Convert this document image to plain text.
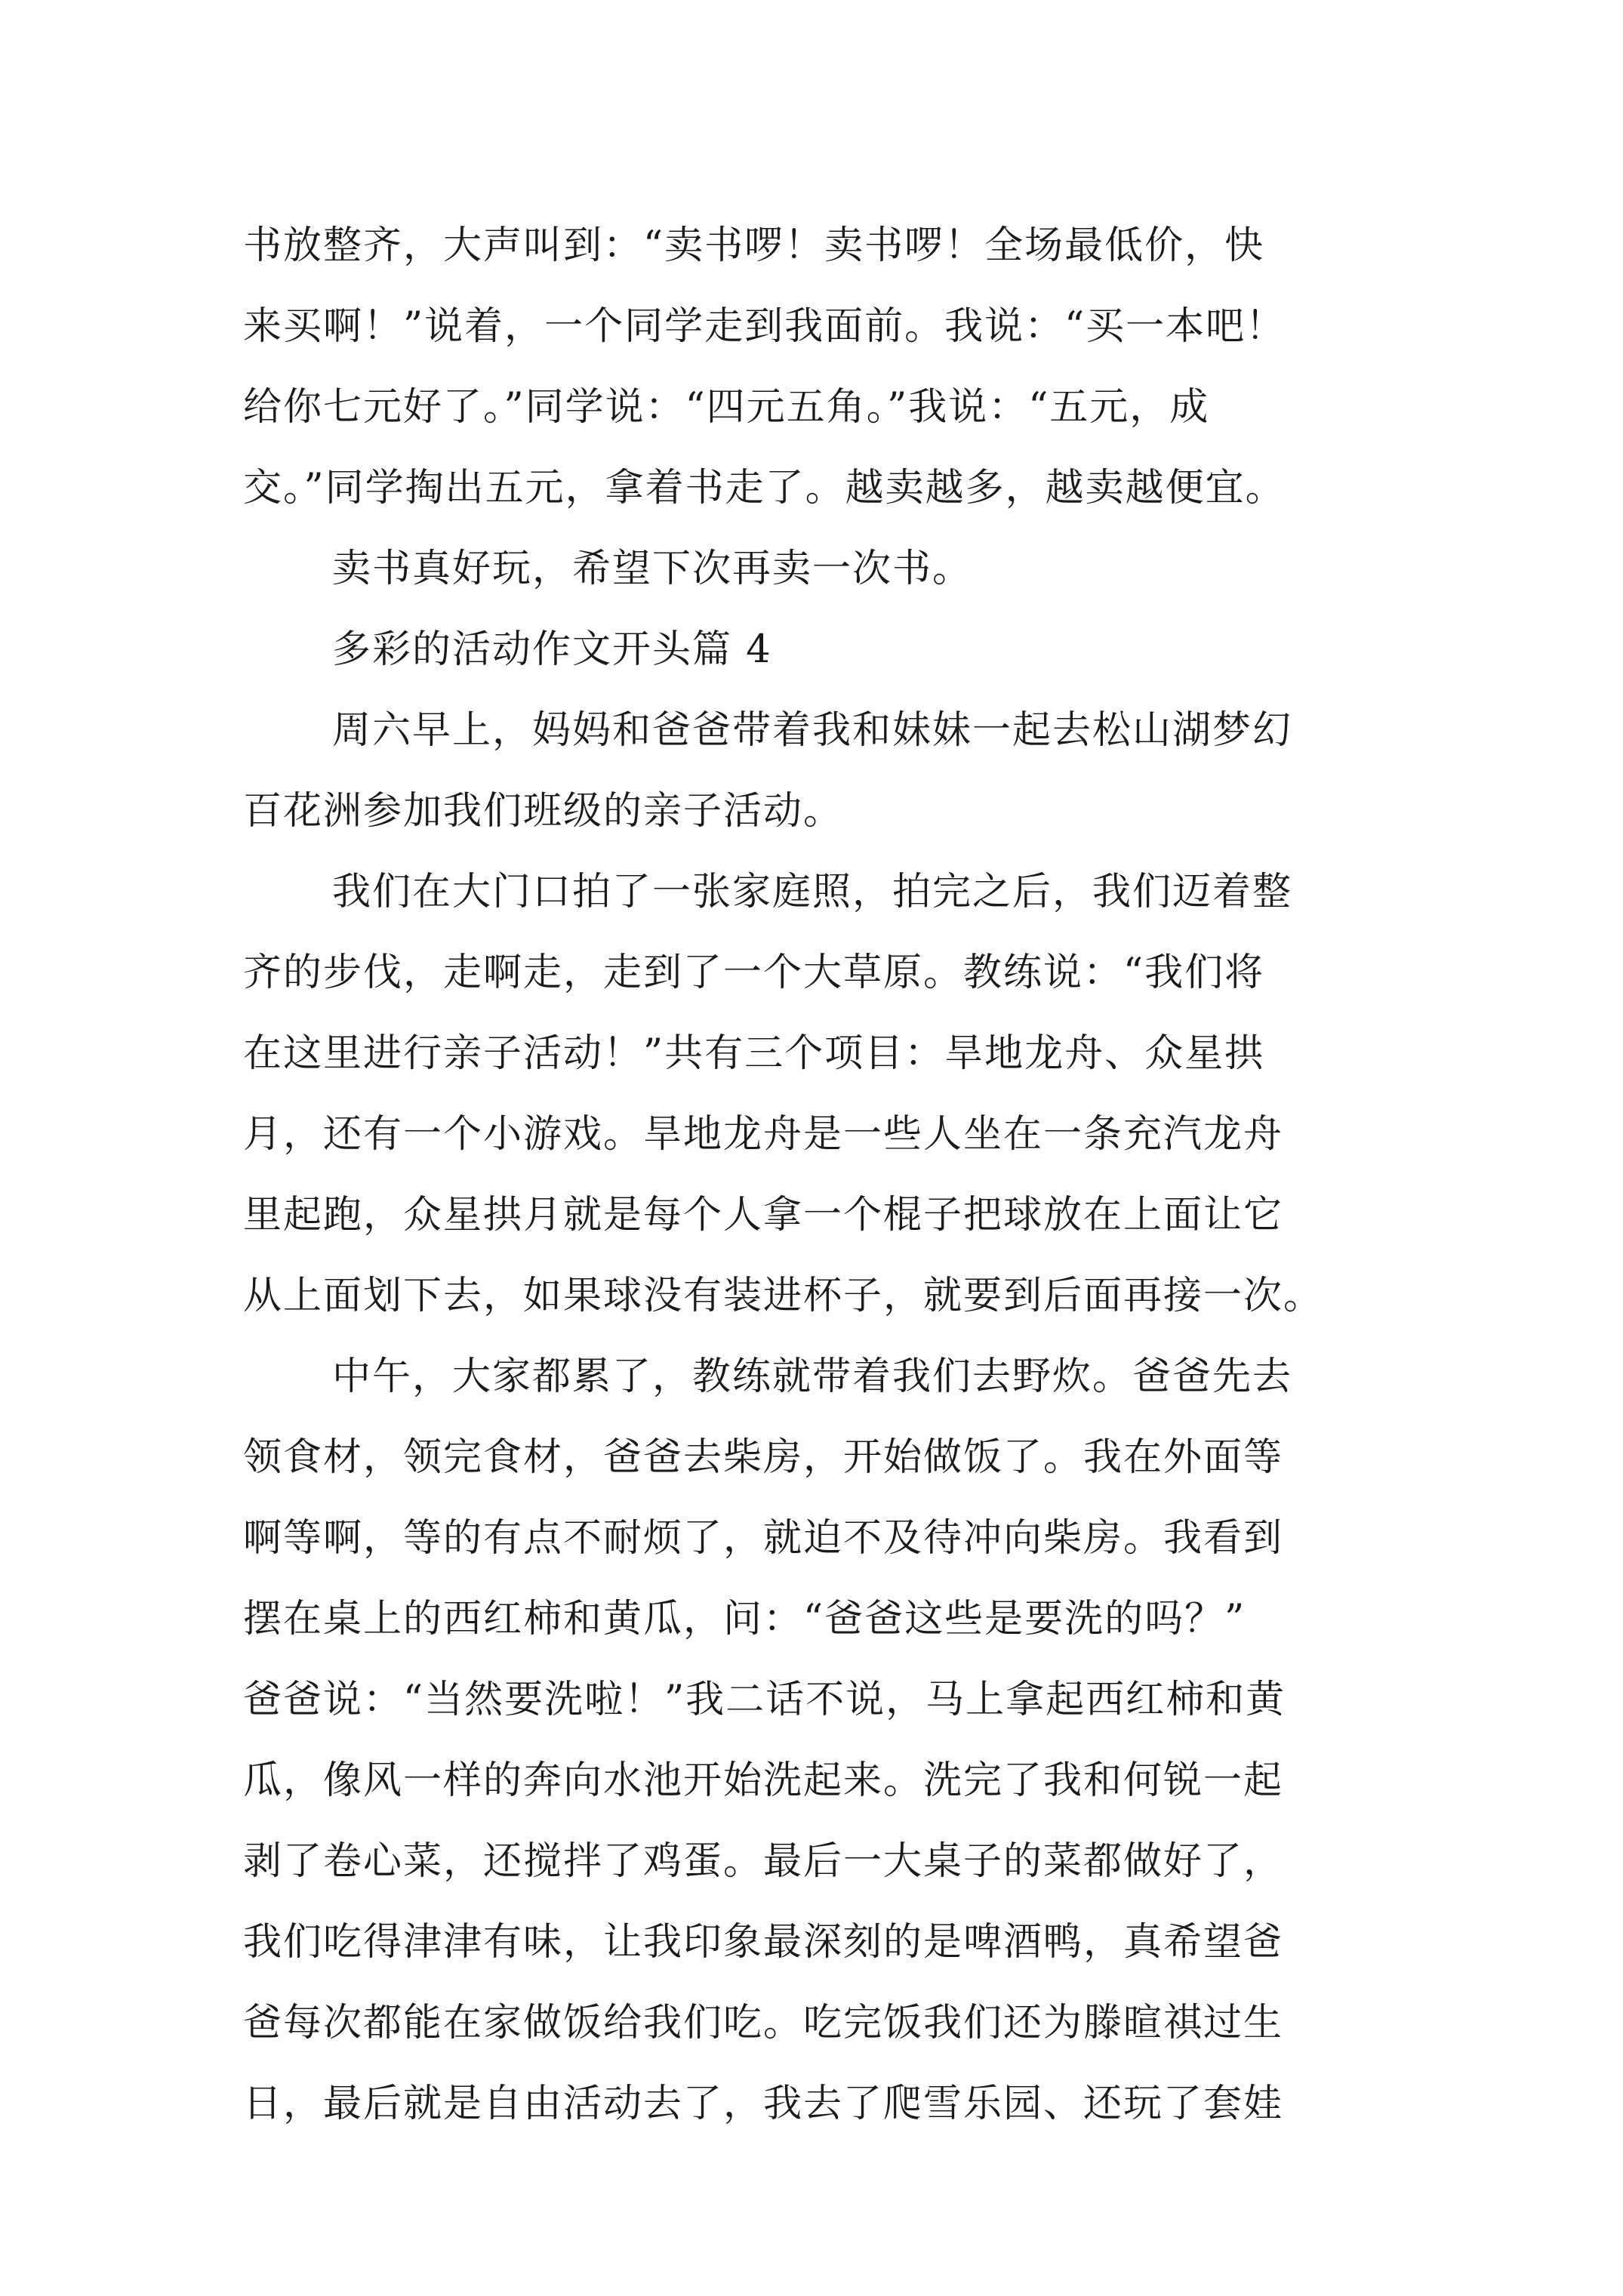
书放整齐，大声叫到：“卖书啰！卖书啰！全场最低价，快
来买啊！”说着，一个同学走到我面前。我说：“买一本吧！
给你七元好了。”同学说：“四元五角。”我说：“五元，成
交。”同学掏出五元，拿着书走了。越卖越多，越卖越便宜。
卖书真好玩，希望下次再卖一次书。
多彩的活动作文开头篇 4
周六早上，妈妈和爸爸带着我和妹妹一起去松山湖梦幻
百花洲参加我们班级的亲子活动。
我们在大门口拍了一张家庭照，拍完之后，我们迈着整
齐的步伐，走啊走，走到了一个大草原。教练说：“我们将
在这里进行亲子活动！”共有三个项目：旱地龙舟、众星拱
月，还有一个小游戏。旱地龙舟是一些人坐在一条充汽龙舟
里起跑，众星拱月就是每个人拿一个棍子把球放在上面让它
从上面划下去，如果球没有装进杯子，就要到后面再接一次。
中午，大家都累了，教练就带着我们去野炊。爸爸先去
领食材，领完食材，爸爸去柴房，开始做饭了。我在外面等
啊等啊，等的有点不耐烦了，就迫不及待冲向柴房。我看到
摆在桌上的西红柿和黄瓜，问：“爸爸这些是要洗的吗？”
爸爸说：“当然要洗啦！”我二话不说，马上拿起西红柿和黄
瓜，像风一样的奔向水池开始洗起来。洗完了我和何锐一起
剥了卷心菜，还搅拌了鸡蛋。最后一大桌子的菜都做好了，
我们吃得津津有味，让我印象最深刻的是啤酒鸭，真希望爸
爸每次都能在家做饭给我们吃。吃完饭我们还为滕暄祺过生
日，最后就是自由活动去了，我去了爬雪乐园、还玩了套娃
